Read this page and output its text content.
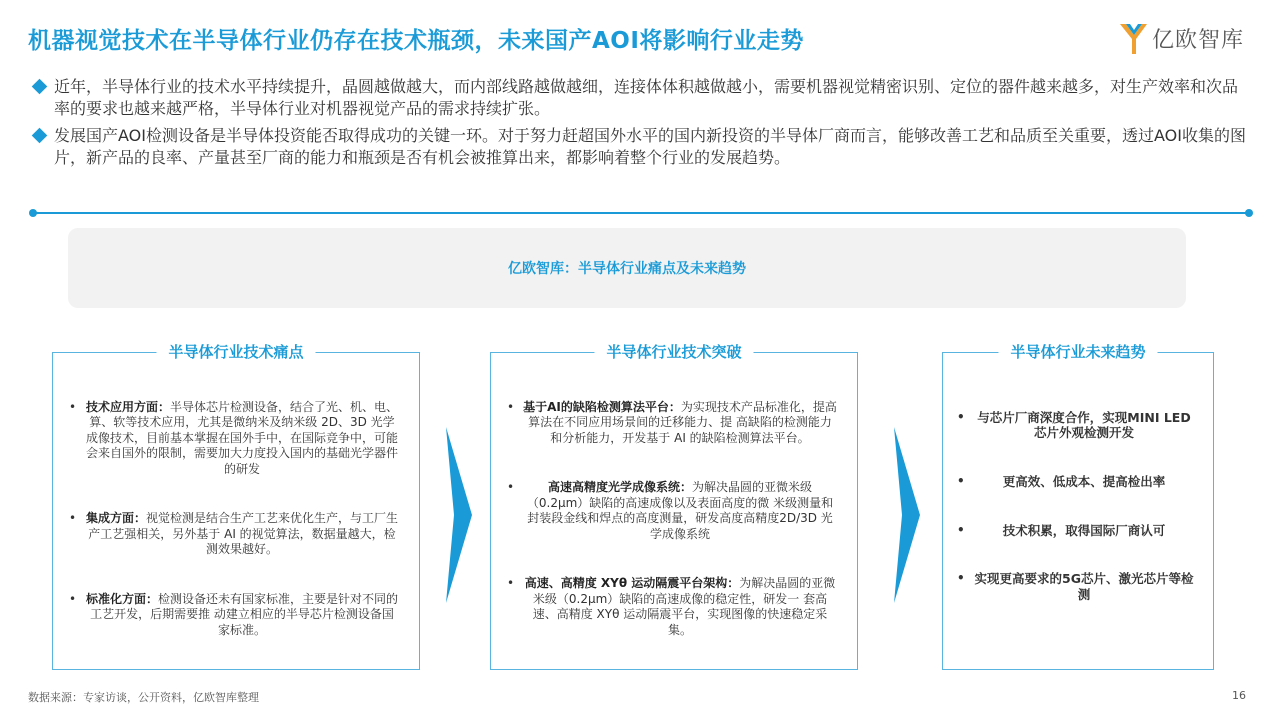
机器视觉技术在半导体行业仍存在技术瓶颈，未来国产AOI将影响行业走势	亿欧智库
近年，半导体行业的技术水平持续提升，晶圆越做越大，而内部线路越做越细，连接体体积越做越小，需要机器视觉精密识别、定位的器件越来越多，对生产效率和次品率的要求也越来越严格，半导体行业对机器视觉产品的需求持续扩张。
发展国产AOI检测设备是半导体投资能否取得成功的关键一环。对于努力赶超国外水平的国内新投资的半导体厂商而言，能够改善工艺和品质至关重要，透过AOI收集的图片，新产品的良率、产量甚至厂商的能力和瓶颈是否有机会被推算出来，都影响着整个行业的发展趋势。
亿欧智库：半导体行业痛点及未来趋势
半导体行业技术痛点
• 技术应用方面：半导体芯片检测设备，结合了光、机、电、算、软等技术应用，尤其是微纳米及纳米级 2D、3D 光学成像技术，目前基本掌握在国外手中，在国际竞争中，可能会来自国外的限制，需要加大力度投入国内的基础光学器件的研发
• 集成方面：视觉检测是结合生产工艺来优化生产，与工厂生产工艺强相关，另外基于 AI 的视觉算法，数据量越大，检测效果越好。
• 标准化方面：检测设备还未有国家标准，主要是针对不同的工艺开发，后期需要推 动建立相应的半导芯片检测设备国家标准。
半导体行业技术突破
• 基于AI的缺陷检测算法平台：为实现技术产品标准化，提高算法在不同应用场景间的迁移能力、提 高缺陷的检测能力和分析能力，开发基于 AI 的缺陷检测算法平台。
•	高速高精度光学成像系统：为解决晶圆的亚微米级（0.2μm）缺陷的高速成像以及表面高度的微 米级测量和封装段金线和焊点的高度测量，研发高度高精度2D/3D 光学成像系统
• 高速、高精度 XYθ 运动隔震平台架构：为解决晶圆的亚微米级（0.2μm）缺陷的高速成像的稳定性，研发一 套高速、高精度 XYθ 运动隔震平台，实现图像的快速稳定采集。
半导体行业未来趋势
• 与芯片厂商深度合作，实现MINI LED芯片外观检测开发
•	更高效、低成本、提高检出率
•	技术积累，取得国际厂商认可
• 实现更高要求的5G芯片、激光芯片等检测
数据来源：专家访谈，公开资料，亿欧智库整理	16
